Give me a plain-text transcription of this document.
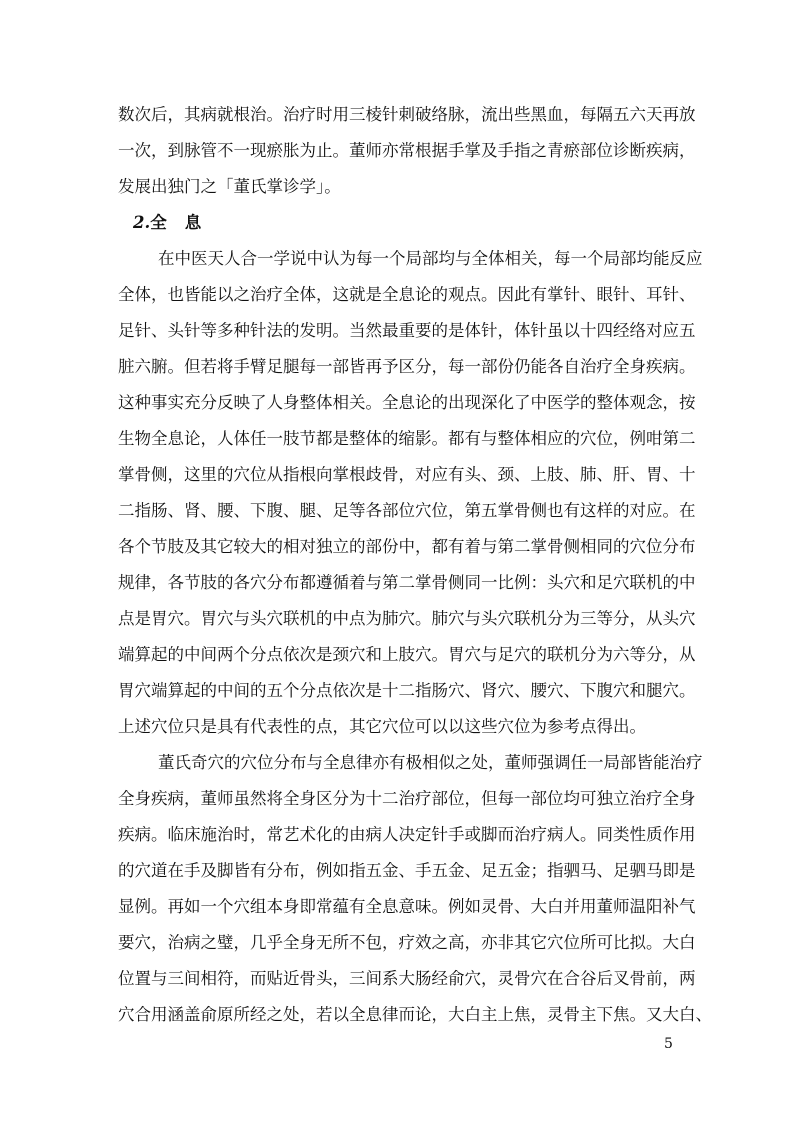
数次后，其病就根治。治疗时用三棱针刺破络脉，流出些黑血，每隔五六天再放
一次，到脉管不一现瘀胀为止。董师亦常根据手掌及手指之青瘀部位诊断疾病，
发展出独门之「董氏掌诊学」。
2.全 息
在中医天人合一学说中认为每一个局部均与全体相关，每一个局部均能反应
全体，也皆能以之治疗全体，这就是全息论的观点。因此有掌针、眼针、耳针、
足针、头针等多种针法的发明。当然最重要的是体针，体针虽以十四经络对应五
脏六腑。但若将手臂足腿每一部皆再予区分，每一部份仍能各自治疗全身疾病。
这种事实充分反映了人身整体相关。全息论的出现深化了中医学的整体观念，按
生物全息论，人体任一肢节都是整体的缩影。都有与整体相应的穴位，例咁第二
掌骨侧，这里的穴位从指根向掌根歧骨，对应有头、颈、上肢、肺、肝、胃、十
二指肠、肾、腰、下腹、腿、足等各部位穴位，第五掌骨侧也有这样的对应。在
各个节肢及其它较大的相对独立的部份中，都有着与第二掌骨侧相同的穴位分布
规律，各节肢的各穴分布都遵循着与第二掌骨侧同一比例：头穴和足穴联机的中
点是胃穴。胃穴与头穴联机的中点为肺穴。肺穴与头穴联机分为三等分，从头穴
端算起的中间两个分点依次是颈穴和上肢穴。胃穴与足穴的联机分为六等分，从
胃穴端算起的中间的五个分点依次是十二指肠穴、肾穴、腰穴、下腹穴和腿穴。
上述穴位只是具有代表性的点，其它穴位可以以这些穴位为参考点得出。
董氏奇穴的穴位分布与全息律亦有极相似之处，董师强调任一局部皆能治疗
全身疾病，董师虽然将全身区分为十二治疗部位，但每一部位均可独立治疗全身
疾病。临床施治时，常艺术化的由病人决定针手或脚而治疗病人。同类性质作用
的穴道在手及脚皆有分布，例如指五金、手五金、足五金；指驷马、足驷马即是
显例。再如一个穴组本身即常蕴有全息意味。例如灵骨、大白并用董师温阳补气
要穴，治病之璧，几乎全身无所不包，疗效之高，亦非其它穴位所可比拟。大白
位置与三间相符，而贴近骨头，三间系大肠经俞穴，灵骨穴在合谷后叉骨前，两
穴合用涵盖俞原所经之处，若以全息律而论，大白主上焦，灵骨主下焦。又大白、
5
